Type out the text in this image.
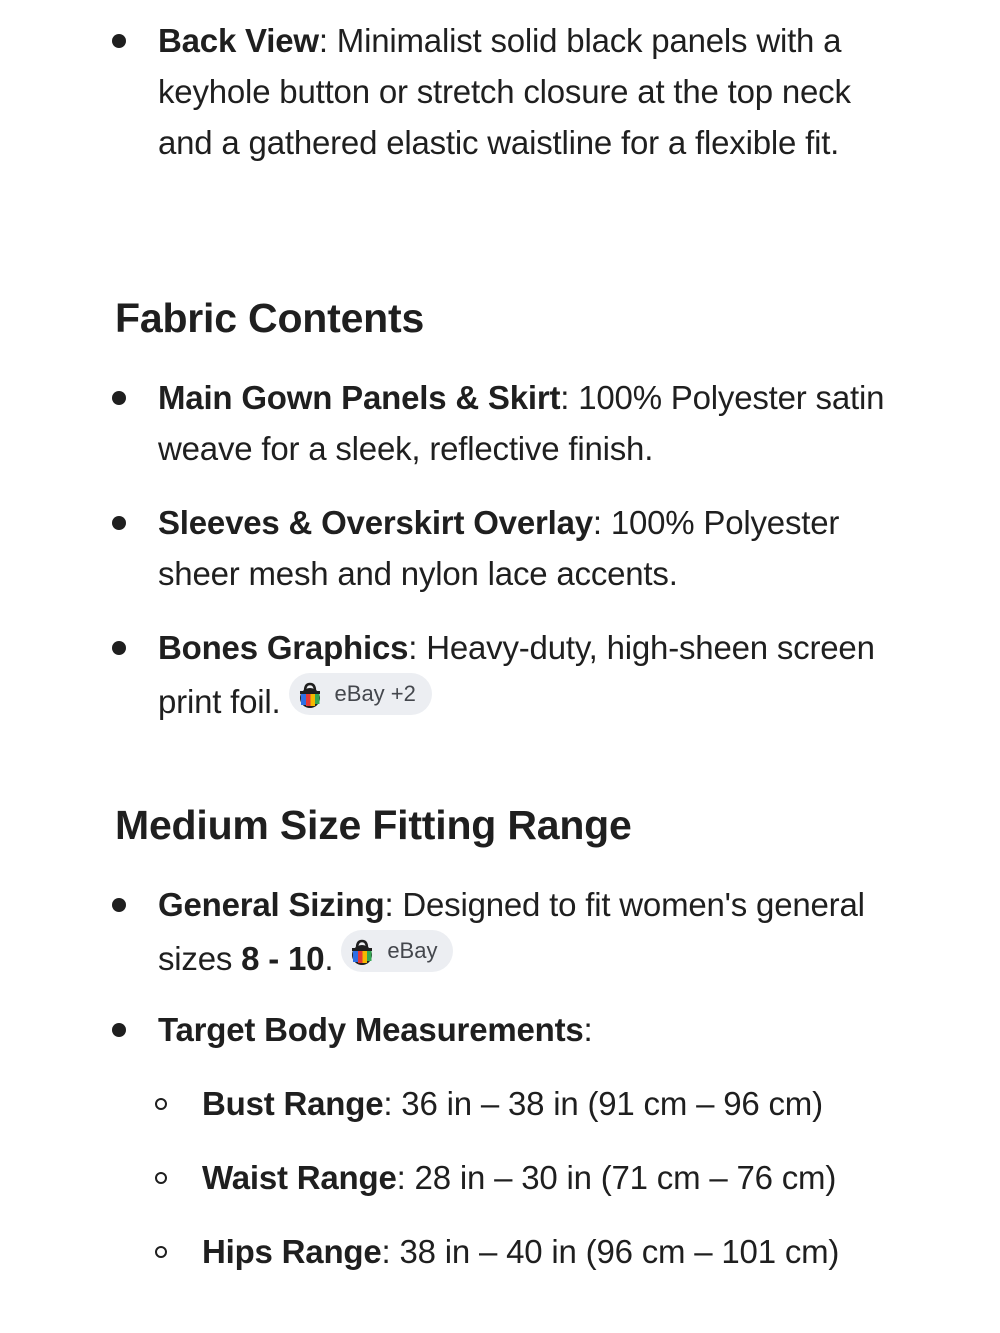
Back View: Minimalist solid black panels with a keyhole button or stretch closure at the top neck and a gathered elastic waistline for a flexible fit.
Fabric Contents
Main Gown Panels & Skirt: 100% Polyester satin weave for a sleek, reflective finish.
Sleeves & Overskirt Overlay: 100% Polyester sheer mesh and nylon lace accents.
Bones Graphics: Heavy-duty, high-sheen screen print foil. eBay +2
Medium Size Fitting Range
General Sizing: Designed to fit women's general sizes 8 - 10. eBay
Target Body Measurements:
Bust Range: 36 in – 38 in (91 cm – 96 cm)
Waist Range: 28 in – 30 in (71 cm – 76 cm)
Hips Range: 38 in – 40 in (96 cm – 101 cm)
